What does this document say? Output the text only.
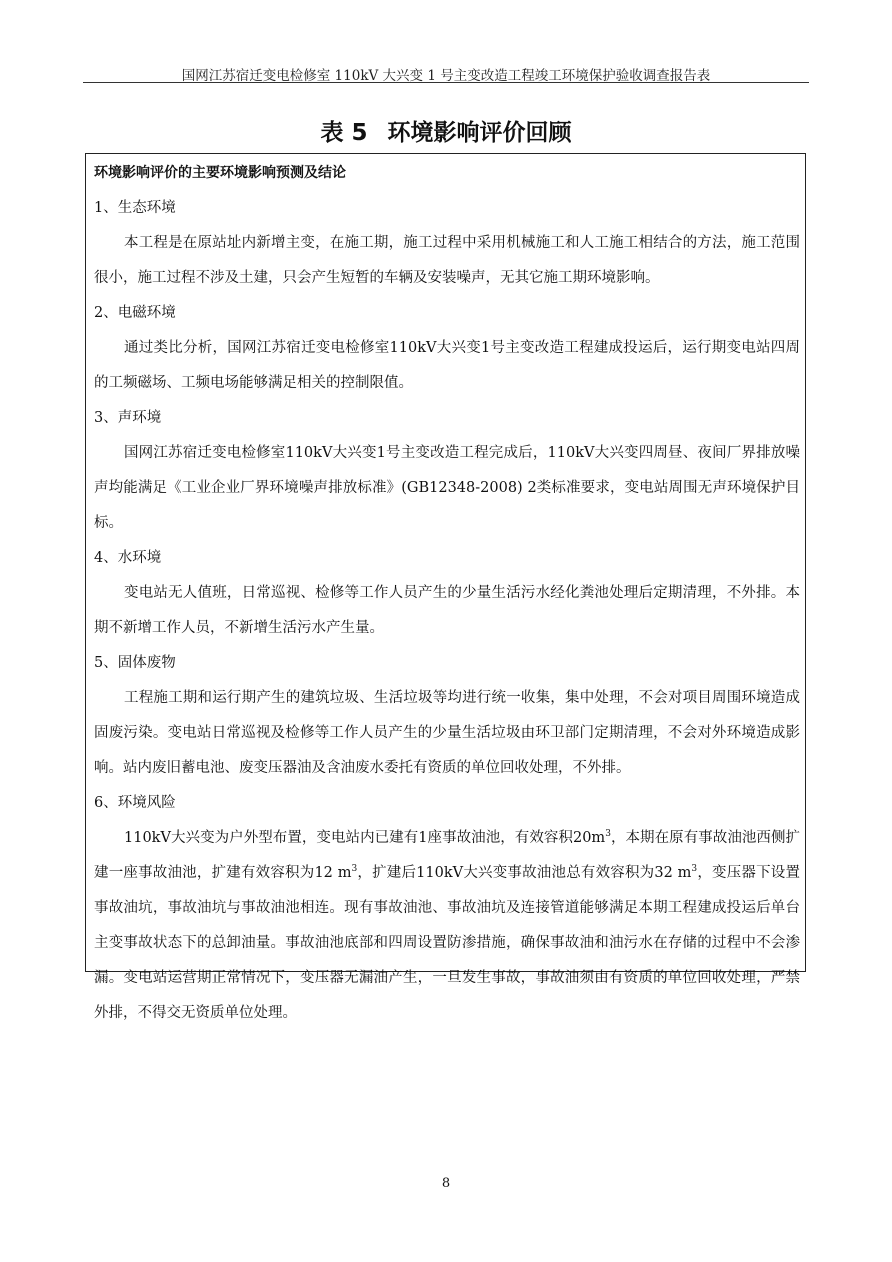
国网江苏宿迁变电检修室 110kV 大兴变 1 号主变改造工程竣工环境保护验收调查报告表
表 5 环境影响评价回顾
环境影响评价的主要环境影响预测及结论
1、生态环境
本工程是在原站址内新增主变，在施工期，施工过程中采用机械施工和人工施工相结合的方法，施工范围很小，施工过程不涉及土建，只会产生短暂的车辆及安装噪声，无其它施工期环境影响。
2、电磁环境
通过类比分析，国网江苏宿迁变电检修室110kV大兴变1号主变改造工程建成投运后，运行期变电站四周的工频磁场、工频电场能够满足相关的控制限值。
3、声环境
国网江苏宿迁变电检修室110kV大兴变1号主变改造工程完成后，110kV大兴变四周昼、夜间厂界排放噪声均能满足《工业企业厂界环境噪声排放标准》(GB12348-2008) 2类标准要求，变电站周围无声环境保护目标。
4、水环境
变电站无人值班，日常巡视、检修等工作人员产生的少量生活污水经化粪池处理后定期清理，不外排。本期不新增工作人员，不新增生活污水产生量。
5、固体废物
工程施工期和运行期产生的建筑垃圾、生活垃圾等均进行统一收集，集中处理，不会对项目周围环境造成固废污染。变电站日常巡视及检修等工作人员产生的少量生活垃圾由环卫部门定期清理，不会对外环境造成影响。站内废旧蓄电池、废变压器油及含油废水委托有资质的单位回收处理，不外排。
6、环境风险
110kV大兴变为户外型布置，变电站内已建有1座事故油池，有效容积$20m^3$，本期在原有事故油池西侧扩建一座事故油池，扩建有效容积为12 $m^3$，扩建后110kV大兴变事故油池总有效容积为32 $m^3$，变压器下设置事故油坑，事故油坑与事故油池相连。现有事故油池、事故油坑及连接管道能够满足本期工程建成投运后单台主变事故状态下的总卸油量。事故油池底部和四周设置防渗措施，确保事故油和油污水在存储的过程中不会渗漏。变电站运营期正常情况下，变压器无漏油产生，一旦发生事故，事故油须由有资质的单位回收处理，严禁外排，不得交无资质单位处理。
8
